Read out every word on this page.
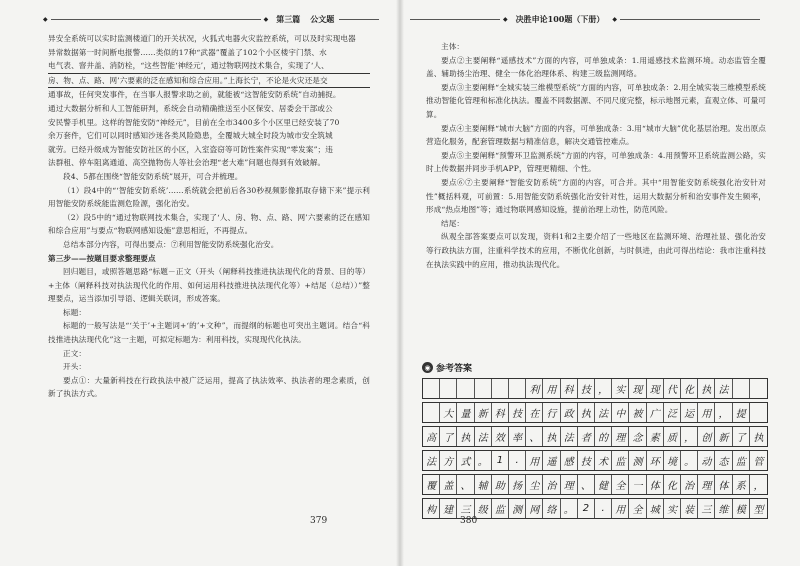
◆	◆ 第三篇 公文题

异安全系统可以实时监测楼道门的开关状况，火狐式电器火灾监控系统，可以及时实现电器

异常数据第一时间断电报警……类似的17种“武器”覆盖了102个小区楼宇门禁、水

电气表、窨井盖、消防栓，“这些智能‘神经元’，通过物联网技术集合，实现了‘人、

房、物、点、路、网’六要素的泛在感知和综合应用。”上海长宁，不论是火灾还是交

通事故，任何突发事件，在当事人报警求助之前，就能被“这智能安防系统”自动捕捉。

通过大数据分析和人工智能研判，系统会自动精确推送至小区保安、居委会干部或公

安民警手机里。这样的智能安防“神经元”，目前在全市3400多个小区里已经安装了70

余万套件，它们可以同时感知沙迷各类风险隐患，全覆城大城全时段为城市安全筑城

就劳。已经升级成为智能安防社区的小区，入室盗窃等可防性案件实现“零发案”；违

法群租、停车阻离通道、高空抛物伤人等社会治理“老大难”问题也得到有效破解。

段4、5都在围绕“智能安防系统”展开，可合并梳理。

（1）段4中的“‘智能安防系统’……系统就会把前后各30秒视频影像抓取存储下来”提示利用智能安防系统能监测危险源，强化治安。

（2）段5中的“通过物联网技术集合，实现了‘人、房、物、点、路、网’六要素的泛在感知和综合应用”与要点“物联网感知设施”意思相近，不再提点。

总结本部分内容，可得出要点：⑦利用智能安防系统强化治安。

第三步——按题目要求整理要点

回归题目，或照答题思路“标题－正文（开头（阐释科技推进执法现代化的背景、目的等）+主体（阐释科技对执法现代化的作用、如何运用科技推进执法现代化等）+结尾（总结））”整理要点，运当添加引导语、逻辑关联词，形成答案。

标题：

标题的一般写法是“‘关于’+主题词+‘的’+文种”，而提纲的标题也可突出主题词。结合“科技推进执法现代化”这一主题，可拟定标题为：利用科技，实现现代化执法。

正文：

开头：

要点①：大量新科技在行政执法中被广泛运用，提高了执法效率、执法者的理念素质，创新了执法方式。

379
◆ 决胜申论100题（下册） ◆

主体：

要点②主要阐释“遥感技术”方面的内容，可单独成条：1.用遥感技术监测环境。动态监管全覆盖、辅助扬尘治理、健全一体化治理体系、构建三级监测网络。

要点③主要阐释“全城实装三维模型系统”方面的内容，可单独成条：2.用全城实装三维模型系统推动智能化管理和标准化执法。覆盖不同数据源、不同尺度完整，标示地图元素，直观立体、可量可算。

要点④主要阐释“城市大脑”方面的内容，可单独成条：3.用“城市大脑”优化基层治理。发出原点营造化服务，配套管理数据与精准信息，解决交通管控难点。

要点⑤主要阐释“预警环卫监测系统”方面的内容，可单独成条：4.用预警环卫系统监测公路，实时上传数据并同步手机APP，管理更精细、个性。

要点⑥⑦主要阐释“智能安防系统”方面的内容，可合并。其中“用智能安防系统强化治安针对性”概括料观，可前置：5.用智能安防系统强化治安针对性，运用大数据分析和治安事件发生频率，形成“热点地图”等；通过物联网感知设施，提前治理上动性，防范风险。

结尾：

纵观全部答案要点可以发现，资料1和2主要介绍了一些地区在监测环境、治理社显、强化治安等行政执法方面，注重科学技术的应用，不断优化创新，与时俱进，由此可得出结论：我市注重科技在执法实践中的应用，推动执法现代化。

◉ 参考答案
利 用 科 技 ， 实 现 现 代 化 执 法
大 量 新 科 技 在 行 政 执 法 中 被 广 泛 运 用 ， 提
高 了 执 法 效 率 、 执 法 者 的 理 念 素 质 ， 创 新 了 执
法 方 式 。 1	.	用 遥 感 技 术 监 测 环 境 。 动 态 监 管
覆 盖 、 辅 助 扬 尘 治 理 、 健 全 一 体 化 治 理 体 系 ，
构 建 三 级 监 测 网 络 。 2	.	用 全 城 实 装 三 维 模 型
380
